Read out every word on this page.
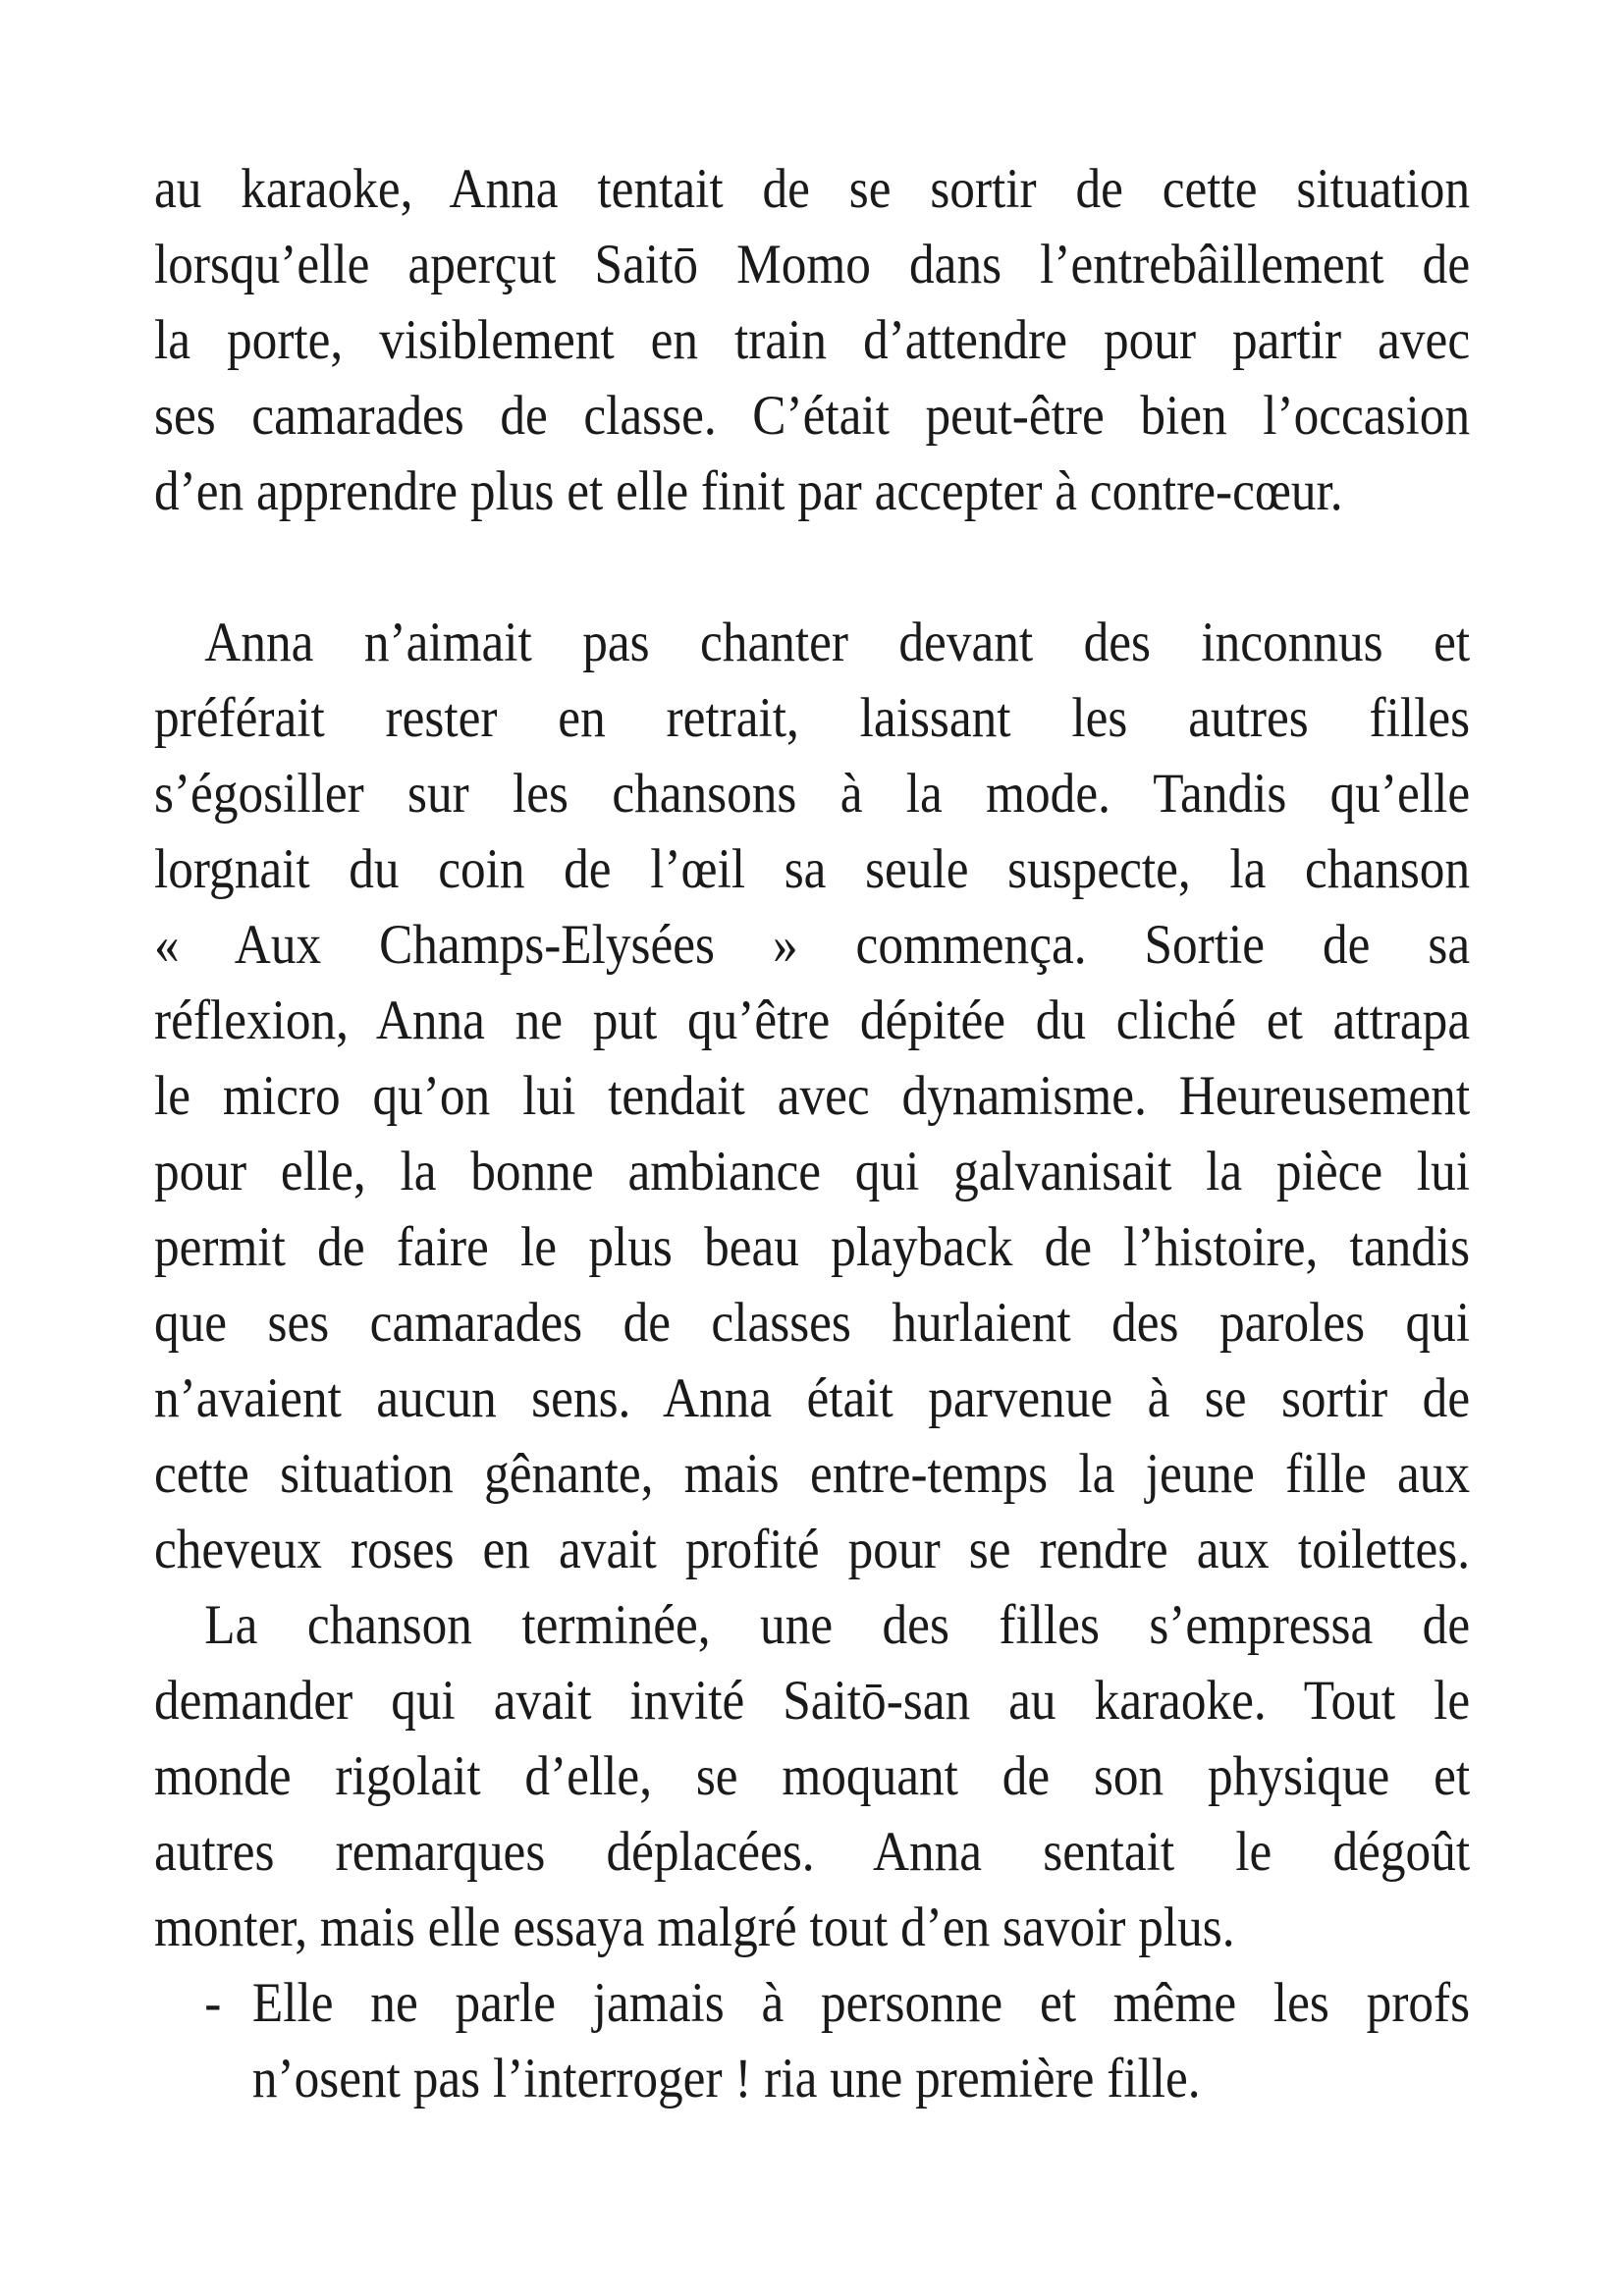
au karaoke, Anna tentait de se sortir de cette situation
lorsqu’elle aperçut Saitō Momo dans l’entrebâillement de
la porte, visiblement en train d’attendre pour partir avec
ses camarades de classe. C’était peut-être bien l’occasion
d’en apprendre plus et elle finit par accepter à contre-cœur.
Anna n’aimait pas chanter devant des inconnus et
préférait rester en retrait, laissant les autres filles
s’égosiller sur les chansons à la mode. Tandis qu’elle
lorgnait du coin de l’œil sa seule suspecte, la chanson
« Aux Champs-Elysées » commença. Sortie de sa
réflexion, Anna ne put qu’être dépitée du cliché et attrapa
le micro qu’on lui tendait avec dynamisme. Heureusement
pour elle, la bonne ambiance qui galvanisait la pièce lui
permit de faire le plus beau playback de l’histoire, tandis
que ses camarades de classes hurlaient des paroles qui
n’avaient aucun sens. Anna était parvenue à se sortir de
cette situation gênante, mais entre-temps la jeune fille aux
cheveux roses en avait profité pour se rendre aux toilettes.
La chanson terminée, une des filles s’empressa de
demander qui avait invité Saitō-san au karaoke. Tout le
monde rigolait d’elle, se moquant de son physique et
autres remarques déplacées. Anna sentait le dégoût
monter, mais elle essaya malgré tout d’en savoir plus.
- Elle ne parle jamais à personne et même les profs
n’osent pas l’interroger ! ria une première fille.
